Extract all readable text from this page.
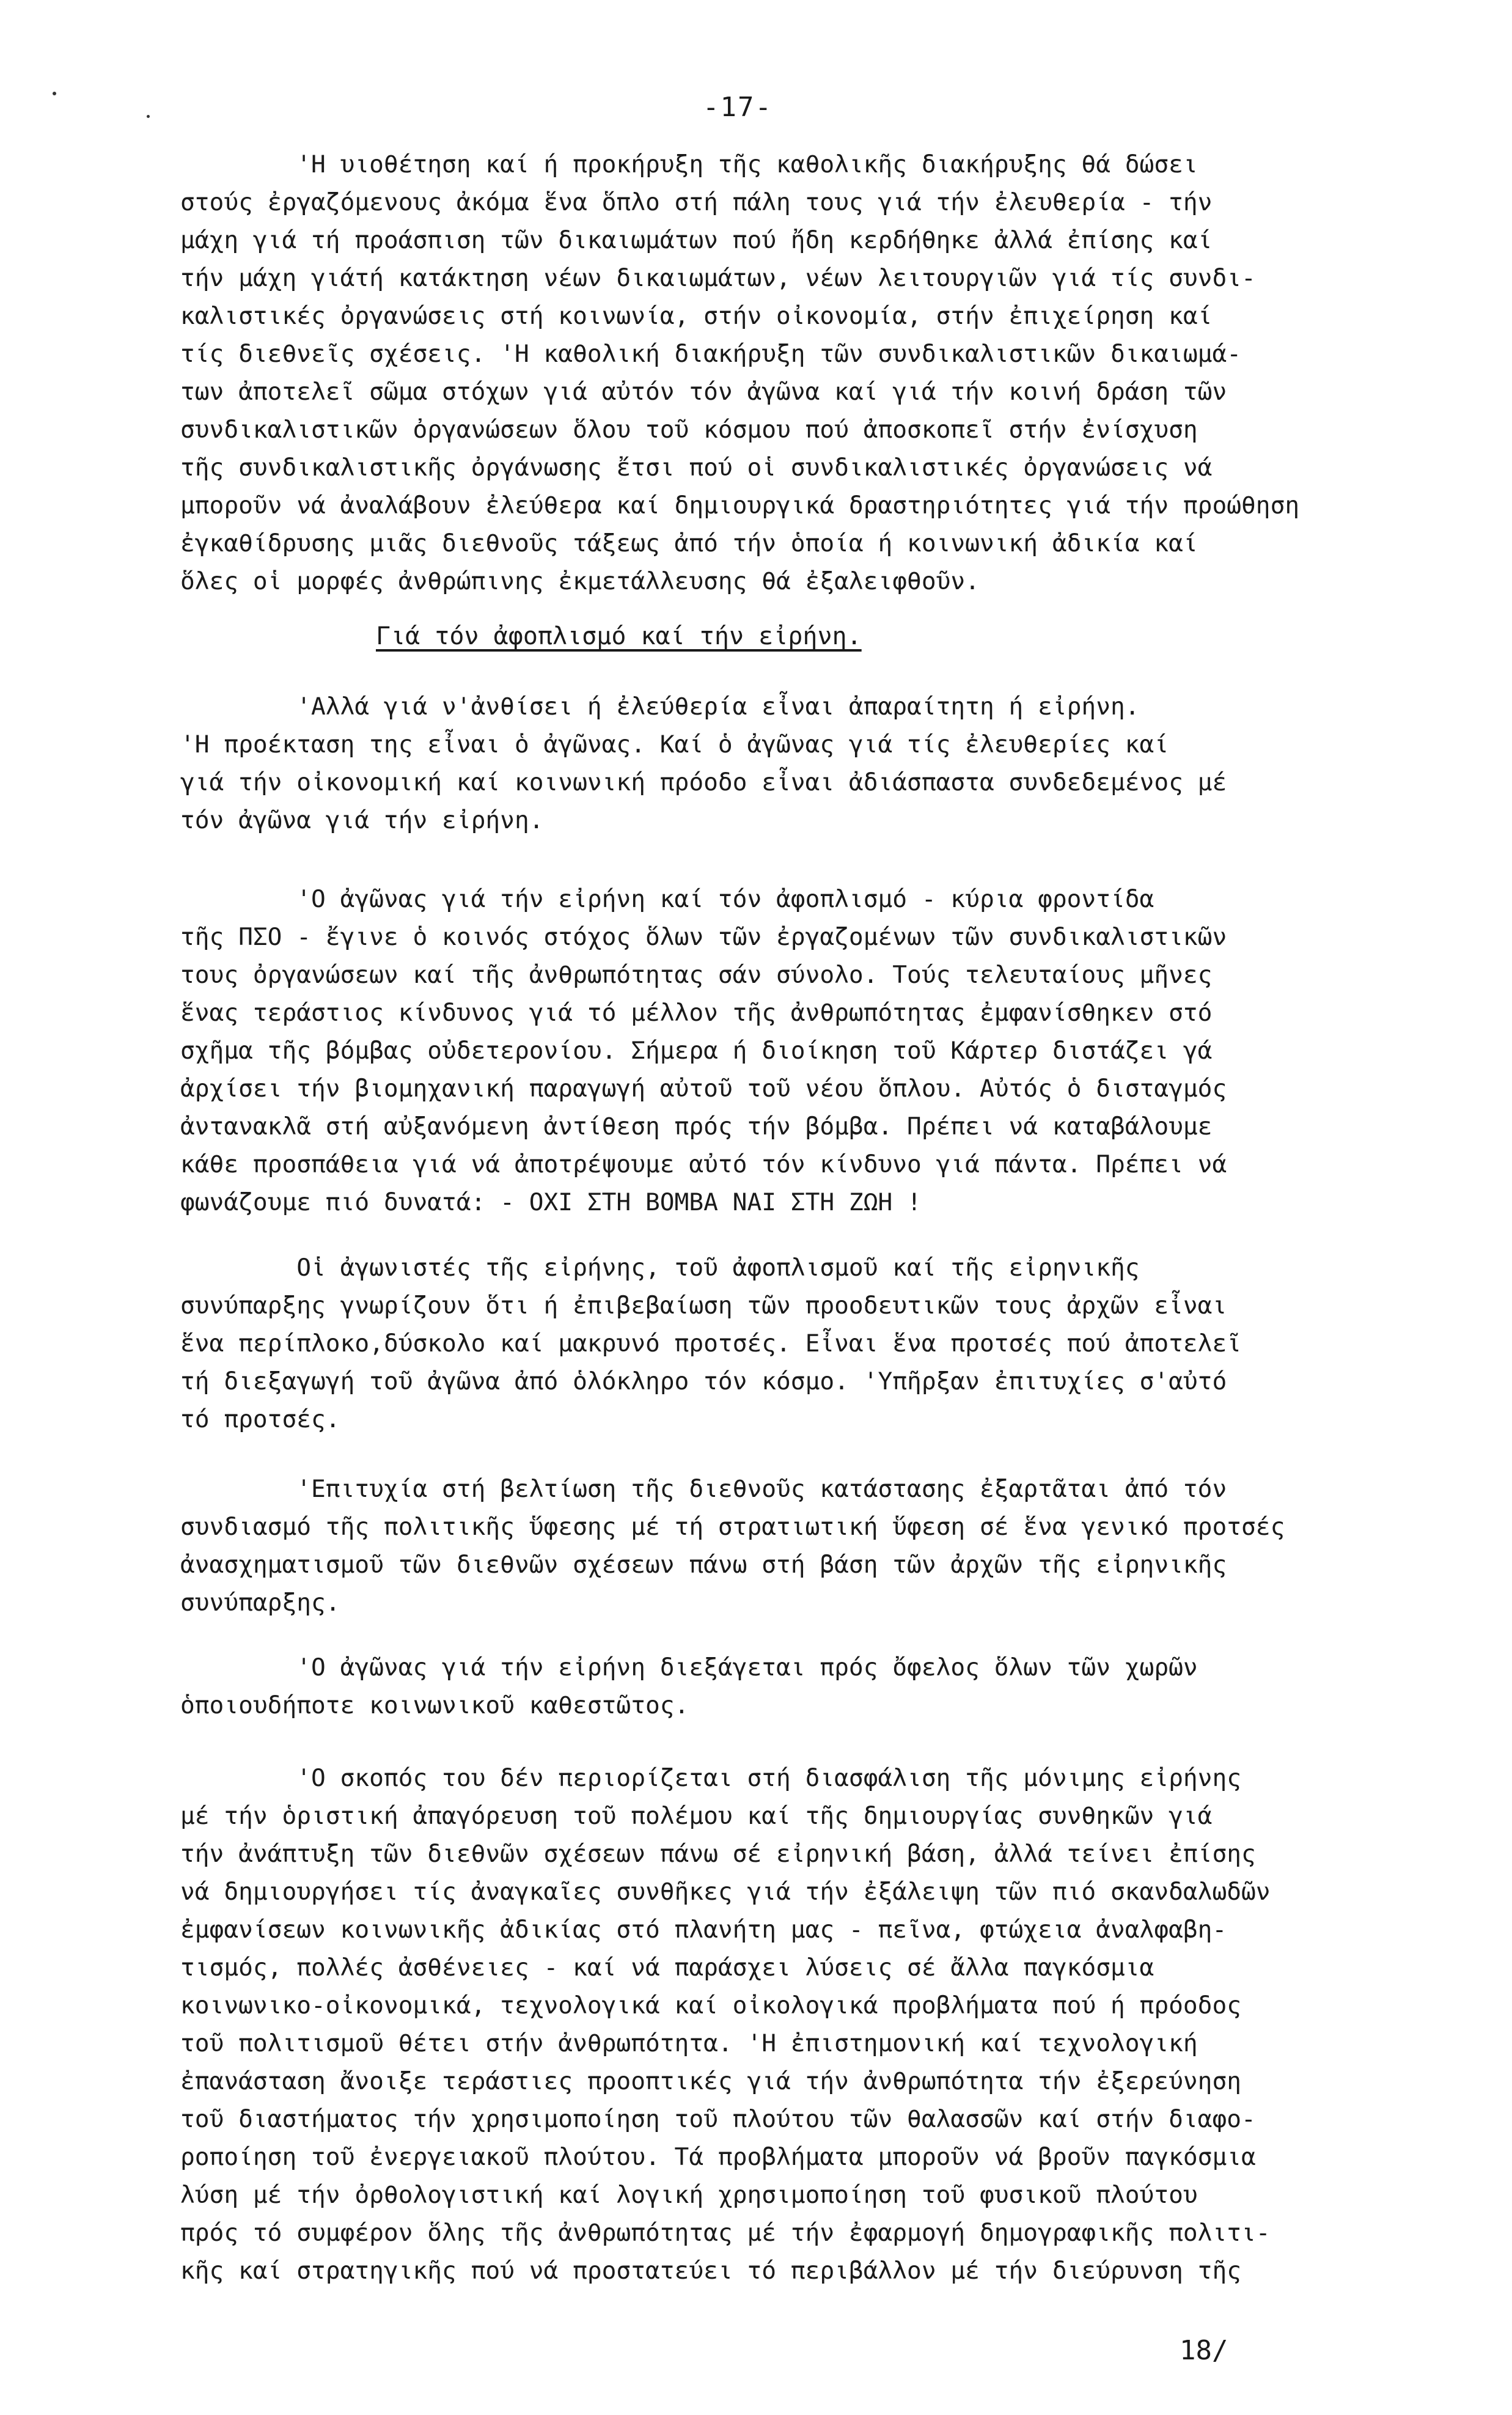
-17-
'Η υιοθέτηση καί ή προκήρυξη τῆς καθολικῆς διακήρυξης θά δώσει
στούς ἐργαζόμενους ἀκόμα ἕνα ὅπλο στή πάλη τους γιά τήν ἐλευθερία - τήν
μάχη γιά τή προάσπιση τῶν δικαιωμάτων πού ἤδη κερδήθηκε ἀλλά ἐπίσης καί
τήν μάχη γιάτή κατάκτηση νέων δικαιωμάτων, νέων λειτουργιῶν γιά τίς συνδι-
καλιστικές ὀργανώσεις στή κοινωνία, στήν οἰκονομία, στήν ἐπιχείρηση καί
τίς διεθνεῖς σχέσεις. 'Η καθολική διακήρυξη τῶν συνδικαλιστικῶν δικαιωμά-
των ἀποτελεῖ σῶμα στόχων γιά αὐτόν τόν ἀγῶνα καί γιά τήν κοινή δράση τῶν
συνδικαλιστικῶν ὀργανώσεων ὅλου τοῦ κόσμου πού ἀποσκοπεῖ στήν ἐνίσχυση
τῆς συνδικαλιστικῆς ὀργάνωσης ἔτσι πού οἱ συνδικαλιστικές ὀργανώσεις νά
μποροῦν νά ἀναλάβουν ἐλεύθερα καί δημιουργικά δραστηριότητες γιά τήν προώθηση
ἐγκαθίδρυσης μιᾶς διεθνοῦς τάξεως ἀπό τήν ὁποία ή κοινωνική ἀδικία καί
ὅλες οἱ μορφές ἀνθρώπινης ἐκμετάλλευσης θά ἐξαλειφθοῦν.
Γιά τόν ἀφοπλισμό καί τήν εἰρήνη.
'Αλλά γιά ν'ἀνθίσει ή ἐλεύθερία εἶναι ἀπαραίτητη ή εἰρήνη.
'Η προέκταση της εἶναι ὁ ἀγῶνας. Καί ὁ ἀγῶνας γιά τίς ἐλευθερίες καί
γιά τήν οἰκονομική καί κοινωνική πρόοδο εἶναι ἀδιάσπαστα συνδεδεμένος μέ
τόν ἀγῶνα γιά τήν εἰρήνη.
'Ο ἀγῶνας γιά τήν εἰρήνη καί τόν ἀφοπλισμό - κύρια φροντίδα
τῆς ΠΣΟ - ἔγινε ὁ κοινός στόχος ὅλων τῶν ἐργαζομένων τῶν συνδικαλιστικῶν
τους ὀργανώσεων καί τῆς ἀνθρωπότητας σάν σύνολο. Τούς τελευταίους μῆνες
ἕνας τεράστιος κίνδυνος γιά τό μέλλον τῆς ἀνθρωπότητας ἐμφανίσθηκεν στό
σχῆμα τῆς βόμβας οὐδετερονίου. Σήμερα ή διοίκηση τοῦ Κάρτερ διστάζει γά
ἀρχίσει τήν βιομηχανική παραγωγή αὐτοῦ τοῦ νέου ὅπλου. Αὐτός ὁ δισταγμός
ἀντανακλᾶ στή αὐξανόμενη ἀντίθεση πρός τήν βόμβα. Πρέπει νά καταβάλουμε
κάθε προσπάθεια γιά νά ἀποτρέψουμε αὐτό τόν κίνδυνο γιά πάντα. Πρέπει νά
φωνάζουμε πιό δυνατά: - ΟΧΙ ΣΤΗ ΒΟΜΒΑ ΝΑΙ ΣΤΗ ΖΩΗ !
Οἱ ἀγωνιστές τῆς εἰρήνης, τοῦ ἀφοπλισμοῦ καί τῆς εἰρηνικῆς
συνύπαρξης γνωρίζουν ὅτι ή ἐπιβεβαίωση τῶν προοδευτικῶν τους ἀρχῶν εἶναι
ἕνα περίπλοκο,δύσκολο καί μακρυνό προτσές. Εἶναι ἕνα προτσές πού ἀποτελεῖ
τή διεξαγωγή τοῦ ἀγῶνα ἀπό ὁλόκληρο τόν κόσμο. 'Υπῆρξαν ἐπιτυχίες σ'αὐτό
τό προτσές.
'Επιτυχία στή βελτίωση τῆς διεθνοῦς κατάστασης ἐξαρτᾶται ἀπό τόν
συνδιασμό τῆς πολιτικῆς ὕφεσης μέ τή στρατιωτική ὕφεση σέ ἕνα γενικό προτσές
ἀνασχηματισμοῦ τῶν διεθνῶν σχέσεων πάνω στή βάση τῶν ἀρχῶν τῆς εἰρηνικῆς
συνύπαρξης.
'Ο ἀγῶνας γιά τήν εἰρήνη διεξάγεται πρός ὄφελος ὅλων τῶν χωρῶν
ὁποιουδήποτε κοινωνικοῦ καθεστῶτος.
'Ο σκοπός του δέν περιορίζεται στή διασφάλιση τῆς μόνιμης εἰρήνης
μέ τήν ὁριστική ἀπαγόρευση τοῦ πολέμου καί τῆς δημιουργίας συνθηκῶν γιά
τήν ἀνάπτυξη τῶν διεθνῶν σχέσεων πάνω σέ εἰρηνική βάση, ἀλλά τείνει ἐπίσης
νά δημιουργήσει τίς ἀναγκαῖες συνθῆκες γιά τήν ἐξάλειψη τῶν πιό σκανδαλωδῶν
ἐμφανίσεων κοινωνικῆς ἀδικίας στό πλανήτη μας - πεῖνα, φτώχεια ἀναλφαβη-
τισμός, πολλές ἀσθένειες - καί νά παράσχει λύσεις σέ ἄλλα παγκόσμια
κοινωνικο-οἰκονομικά, τεχνολογικά καί οἰκολογικά προβλήματα πού ή πρόοδος
τοῦ πολιτισμοῦ θέτει στήν ἀνθρωπότητα. 'Η ἐπιστημονική καί τεχνολογική
ἐπανάσταση ἄνοιξε τεράστιες προοπτικές γιά τήν ἀνθρωπότητα τήν ἐξερεύνηση
τοῦ διαστήματος τήν χρησιμοποίηση τοῦ πλούτου τῶν θαλασσῶν καί στήν διαφο-
ροποίηση τοῦ ἐνεργειακοῦ πλούτου. Τά προβλήματα μποροῦν νά βροῦν παγκόσμια
λύση μέ τήν ὀρθολογιστική καί λογική χρησιμοποίηση τοῦ φυσικοῦ πλούτου
πρός τό συμφέρον ὅλης τῆς ἀνθρωπότητας μέ τήν ἐφαρμογή δημογραφικῆς πολιτι-
κῆς καί στρατηγικῆς πού νά προστατεύει τό περιβάλλον μέ τήν διεύρυνση τῆς
18/
